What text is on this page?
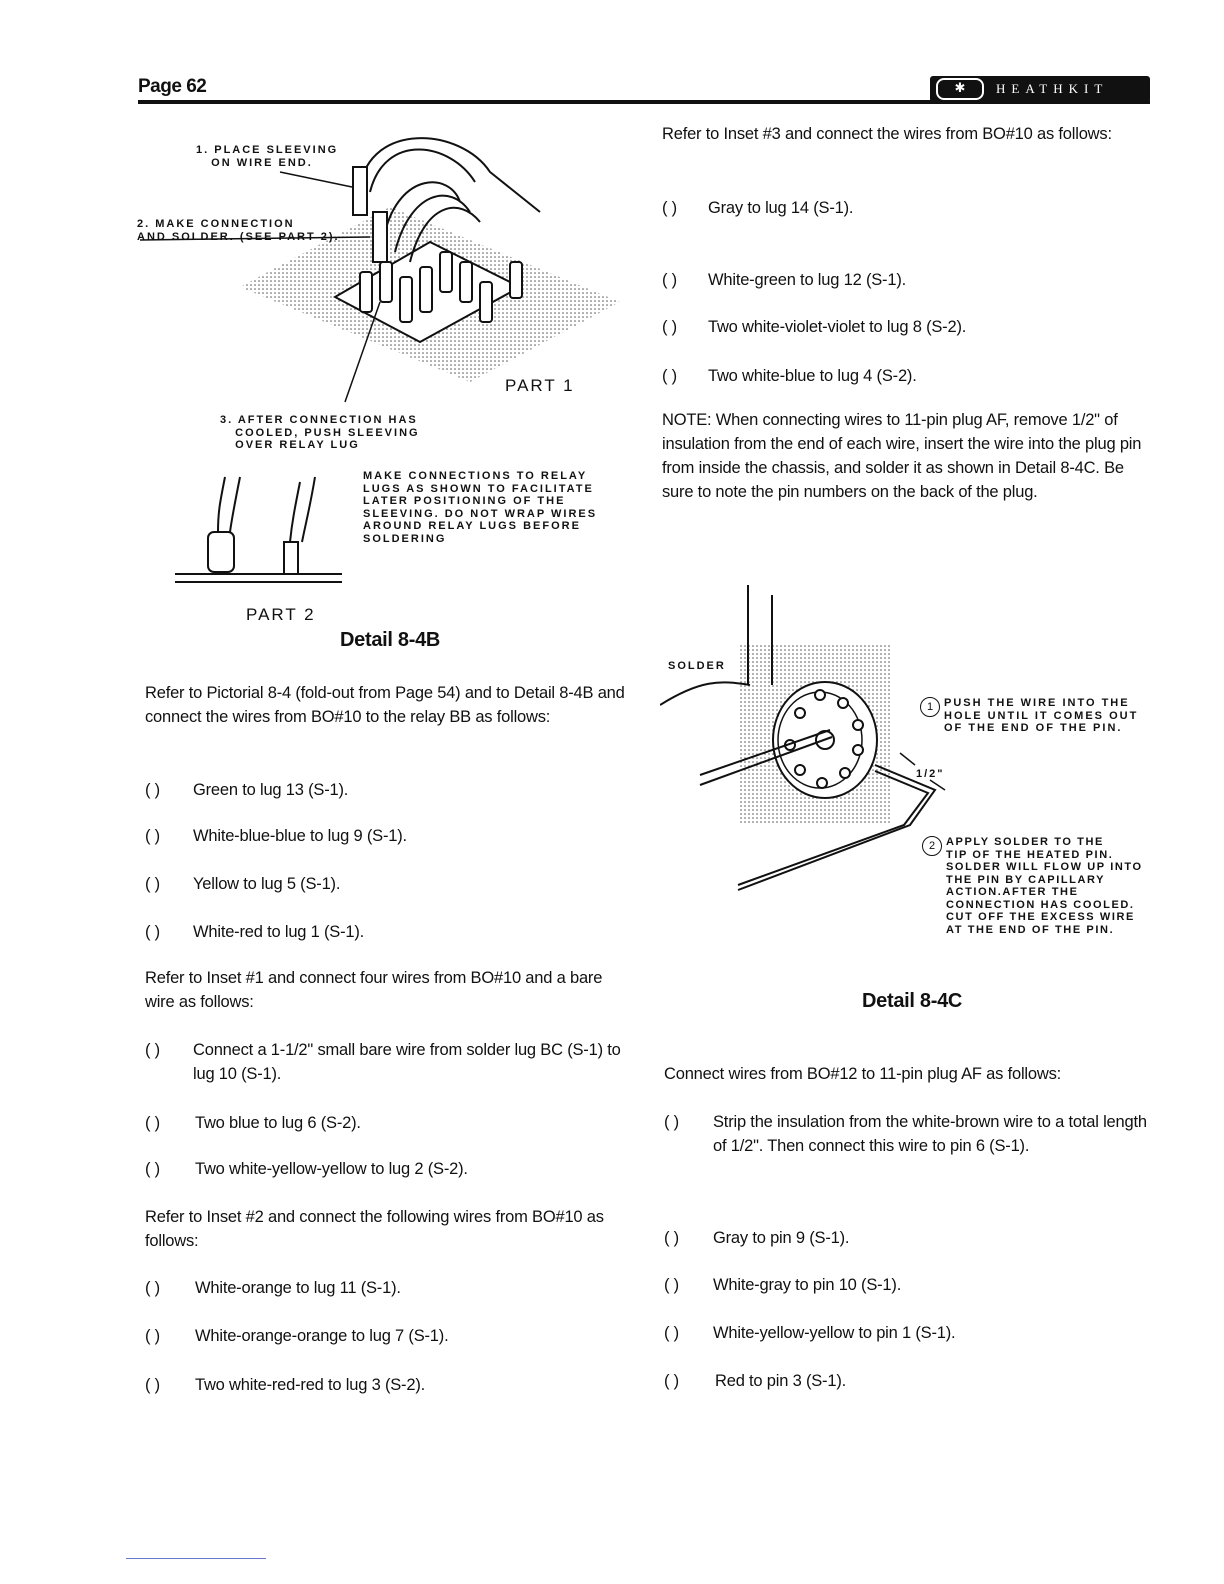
Page 62	✱	HEATHKIT
1. PLACE SLEEVING
ON WIRE END.
2. MAKE CONNECTION
AND SOLDER. (SEE PART 2).
PART 1
3. AFTER CONNECTION HAS
COOLED, PUSH SLEEVING
OVER RELAY LUG
MAKE CONNECTIONS TO RELAY
LUGS AS SHOWN TO FACILITATE
LATER POSITIONING OF THE
SLEEVING. DO NOT WRAP WIRES
AROUND RELAY LUGS BEFORE
SOLDERING
PART 2
Detail 8-4B
Refer to Pictorial 8-4 (fold-out from Page 54) and to Detail 8-4B and connect the wires from BO#10 to the relay BB as follows:
( ) Green to lug 13 (S-1).
( ) White-blue-blue to lug 9 (S-1).
( ) Yellow to lug 5 (S-1).
( ) White-red to lug 1 (S-1).
Refer to Inset #1 and connect four wires from BO#10 and a bare wire as follows:
( ) Connect a 1-1/2" small bare wire from solder lug BC (S-1) to lug 10 (S-1).
( ) Two blue to lug 6 (S-2).
( ) Two white-yellow-yellow to lug 2 (S-2).
Refer to Inset #2 and connect the following wires from BO#10 as follows:
( ) White-orange to lug 11 (S-1).
( ) White-orange-orange to lug 7 (S-1).
( ) Two white-red-red to lug 3 (S-2).
Refer to Inset #3 and connect the wires from BO#10 as follows:
( ) Gray to lug 14 (S-1).
( ) White-green to lug 12 (S-1).
( ) Two white-violet-violet to lug 8 (S-2).
( ) Two white-blue to lug 4 (S-2).
NOTE: When connecting wires to 11-pin plug AF, remove 1/2" of insulation from the end of each wire, insert the wire into the plug pin from inside the chassis, and solder it as shown in Detail 8-4C. Be sure to note the pin numbers on the back of the plug.
SOLDER
1 PUSH THE WIRE INTO THE
HOLE UNTIL IT COMES OUT
OF THE END OF THE PIN.
1/2"
2 APPLY SOLDER TO THE
TIP OF THE HEATED PIN.
SOLDER WILL FLOW UP INTO
THE PIN BY CAPILLARY
ACTION.AFTER THE
CONNECTION HAS COOLED.
CUT OFF THE EXCESS WIRE
AT THE END OF THE PIN.
Detail 8-4C
Connect wires from BO#12 to 11-pin plug AF as follows:
( ) Strip the insulation from the white-brown wire to a total length of 1/2". Then connect this wire to pin 6 (S-1).
( ) Gray to pin 9 (S-1).
( ) White-gray to pin 10 (S-1).
( ) White-yellow-yellow to pin 1 (S-1).
( ) Red to pin 3 (S-1).
